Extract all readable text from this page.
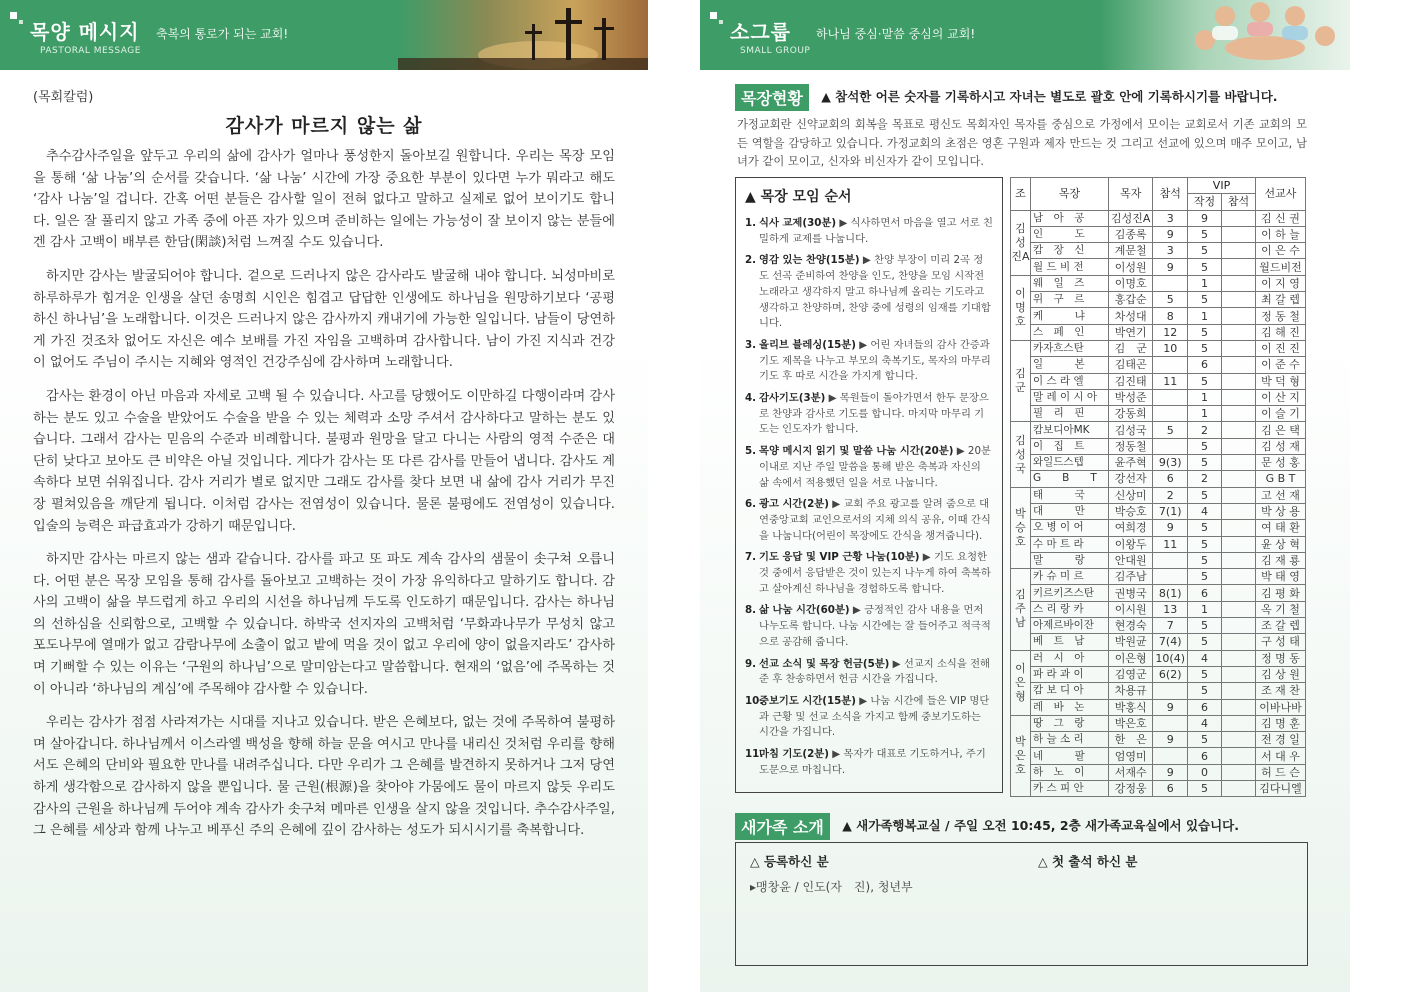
목양 메시지
PASTORAL MESSAGE
축복의 통로가 되는 교회!
(목회칼럼)
감사가 마르지 않는 삶

추수감사주일을 앞두고 우리의 삶에 감사가 얼마나 풍성한지 돌아보길 원합니다. 우리는 목장 모임을 통해 ‘삶 나눔’의 순서를 갖습니다. ‘삶 나눔’ 시간에 가장 중요한 부분이 있다면 누가 뭐라고 해도 ‘감사 나눔’일 겁니다. 간혹 어떤 분들은 감사할 일이 전혀 없다고 말하고 실제로 없어 보이기도 합니다. 일은 잘 풀리지 않고 가족 중에 아픈 자가 있으며 준비하는 일에는 가능성이 잘 보이지 않는 분들에겐 감사 고백이 배부른 한담(閑談)처럼 느껴질 수도 있습니다.

하지만 감사는 발굴되어야 합니다. 겉으로 드러나지 않은 감사라도 발굴해 내야 합니다. 뇌성마비로 하루하루가 힘겨운 인생을 살던 송명희 시인은 힘겹고 답답한 인생에도 하나님을 원망하기보다 ‘공평하신 하나님’을 노래합니다. 이것은 드러나지 않은 감사까지 캐내기에 가능한 일입니다. 남들이 당연하게 가진 것조차 없어도 자신은 예수 보배를 가진 자임을 고백하며 감사합니다. 남이 가진 지식과 건강이 없어도 주님이 주시는 지혜와 영적인 건강주심에 감사하며 노래합니다.

감사는 환경이 아닌 마음과 자세로 고백 될 수 있습니다. 사고를 당했어도 이만하길 다행이라며 감사하는 분도 있고 수술을 받았어도 수술을 받을 수 있는 체력과 소망 주셔서 감사하다고 말하는 분도 있습니다. 그래서 감사는 믿음의 수준과 비례합니다. 불평과 원망을 달고 다니는 사람의 영적 수준은 대단히 낮다고 보아도 큰 비약은 아닐 것입니다. 게다가 감사는 또 다른 감사를 만들어 냅니다. 감사도 계속하다 보면 쉬워집니다. 감사 거리가 별로 없지만 그래도 감사를 찾다 보면 내 삶에 감사 거리가 무진장 펼쳐있음을 깨닫게 됩니다. 이처럼 감사는 전염성이 있습니다. 물론 불평에도 전염성이 있습니다. 입술의 능력은 파급효과가 강하기 때문입니다.

하지만 감사는 마르지 않는 샘과 같습니다. 감사를 파고 또 파도 계속 감사의 샘물이 솟구쳐 오릅니다. 어떤 분은 목장 모임을 통해 감사를 돌아보고 고백하는 것이 가장 유익하다고 말하기도 합니다. 감사의 고백이 삶을 부드럽게 하고 우리의 시선을 하나님께 두도록 인도하기 때문입니다. 감사는 하나님의 선하심을 신뢰함으로, 고백할 수 있습니다. 하박국 선지자의 고백처럼 ‘무화과나무가 무성치 않고 포도나무에 열매가 없고 감람나무에 소출이 없고 밭에 먹을 것이 없고 우리에 양이 없을지라도’ 감사하며 기뻐할 수 있는 이유는 ‘구원의 하나님’으로 말미암는다고 말씀합니다. 현재의 ‘없음’에 주목하는 것이 아니라 ‘하나님의 계심’에 주목해야 감사할 수 있습니다.

우리는 감사가 점점 사라져가는 시대를 지나고 있습니다. 받은 은혜보다, 없는 것에 주목하여 불평하며 살아갑니다. 하나님께서 이스라엘 백성을 향해 하늘 문을 여시고 만나를 내리신 것처럼 우리를 향해서도 은혜의 단비와 필요한 만나를 내려주십니다. 다만 우리가 그 은혜를 발견하지 못하거나 그저 당연하게 생각함으로 감사하지 않을 뿐입니다. 물 근원(根源)을 찾아야 가뭄에도 물이 마르지 않듯 우리도 감사의 근원을 하나님께 두어야 계속 감사가 솟구쳐 메마른 인생을 살지 않을 것입니다. 추수감사주일, 그 은혜를 세상과 함께 나누고 베푸신 주의 은혜에 깊이 감사하는 성도가 되시시기를 축복합니다.

소그룹
SMALL GROUP
하나님 중심·말씀 중심의 교회!
목장현황 ▲ 참석한 어른 숫자를 기록하시고 자녀는 별도로 괄호 안에 기록하시기를 바랍니다.
가정교회란 신약교회의 회복을 목표로 평신도 목회자인 목자를 중심으로 가정에서 모이는 교회로서 기존 교회의 모든 역할을 감당하고 있습니다. 가정교회의 초점은 영혼 구원과 제자 만드는 것 그리고 선교에 있으며 매주 모이고, 남녀가 같이 모이고, 신자와 비신자가 같이 모입니다.
▲ 목장 모임 순서
1. 식사 교제(30분) ▶ 식사하면서 마음을 열고 서로 친밀하게 교제를 나눕니다.
2. 영감 있는 찬양(15분) ▶ 찬양 부장이 미리 2곡 정도 선곡 준비하여 찬양을 인도, 찬양을 모임 시작전 노래라고 생각하지 말고 하나님께 올리는 기도라고 생각하고 찬양하며, 찬양 중에 성령의 임재를 기대합니다.
3. 올리브 블레싱(15분) ▶ 어린 자녀들의 감사 간증과 기도 제목을 나누고 부모의 축복기도, 목자의 마무리 기도 후 따로 시간을 가지게 합니다.
4. 감사기도(3분) ▶ 목원들이 돌아가면서 한두 문장으로 찬양과 감사로 기도를 합니다. 마지막 마무리 기도는 인도자가 합니다.
5. 목양 메시지 읽기 및 말씀 나눔 시간(20분) ▶ 20분 이내로 지난 주일 말씀을 통해 받은 축복과 자신의 삶 속에서 적용했던 일을 서로 나눕니다.
6. 광고 시간(2분) ▶ 교회 주요 광고를 알려 줌으로 대연중앙교회 교인으로서의 지체 의식 공유, 이때 간식을 나눕니다(어린이 목장에도 간식을 챙겨줍니다).
7. 기도 응답 및 VIP 근황 나눔(10분) ▶ 기도 요청한 것 중에서 응답받은 것이 있는지 나누게 하여 축복하고 살아계신 하나님을 경험하도록 합니다.
8. 삶 나눔 시간(60분) ▶ 긍정적인 감사 내용을 먼저 나누도록 합니다. 나눔 시간에는 잘 들어주고 적극적으로 공감해 줍니다.
9. 선교 소식 및 목장 헌금(5분) ▶ 선교지 소식을 전해 준 후 찬송하면서 헌금 시간을 가집니다.
10.
중보기도 시간(15분) ▶ 나눔 시간에 들은 VIP 명단과 근황 및 선교 소식을 가지고 함께 중보기도하는 시간을 가집니다.
11.
마침 기도(2분) ▶ 목자가 대표로 기도하거나, 주기도문으로 마칩니다.
조	목장	목자	참석	VIP		선교사
				작정	참석	
김성진A	남　아　공	김성진A	3	9		김 신 권
	인　　　도	김종록	9	5		이 하 늘
	캄　장　신	계문철	3	5		이 은 수
	월 드 비 전	이성원	9	5		월드비전
이명호	웨　일　즈	이명호		1		이 지 영
	위　구　르	홍갑순	5	5		최 갈 렙
	케　　　냐	차성대	8	1		정 동 철
	스　페　인	박연기	12	5		김 해 진
김군	카자흐스탄	김　군	10	5		이 진 진
	일　　　본	김태곤		6		이 준 수
	이 스 라 엘	김진태	11	5		박 덕 형
	말 레 이 시 아	박성준		1		이 산 지
	필　리　핀	강동희		1		이 슬 기
김성국	캄보디아MK	김성국	5	2		김 은 택
	이　집　트	정동철		5		김 성 재
	와일드스텝	윤주혁	9(3)	5		문 성 홍
	G　　B　　T	강선자	6	2		G B T
박승호	태　　　국	신상미	2	5		고 선 재
	대　　　만	박승호	7(1)	4		박 상 용
	오 병 이 어	여희경	9	5		여 태 환
	수 마 트 라	이왕두	11	5		윤 상 혁
	말　　　랑	안대원		5		김 재 룡
김주남	카 슈 미 르	김주남		5		박 태 영
	키르키즈스탄	권병국	8(1)	6		김 평 화
	스 리 랑 카	이시원	13	1		옥 기 철
	아제르바이잔	현경숙	7	5		조 갈 렙
	베　트　남	박원균	7(4)	5		구 성 태
이은형	러　시　아	이은형	10(4)	4		정 명 동
	파 라 과 이	김영군	6(2)	5		김 상 원
	캄 보 디 아	차용규		5		조 재 찬
	레　바　논	박홍식	9	6		이바나바
박은호	땅　그　랑	박은호		4		김 명 훈
	하 늘 소 리	한　은	9	5		전 경 일
	네　　　팔	엄영미		6		서 대 우
	하　노　이	서재수	9	0		허 드 슨
	카 스 피 안	강정웅	6	5		김다니엘
새가족 소개 ▲ 새가족행복교실 / 주일 오전 10:45, 2층 새가족교육실에서 있습니다.
△ 등록하신 분
▸맹창윤 / 인도(자　진), 청년부
△ 첫 출석 하신 분
